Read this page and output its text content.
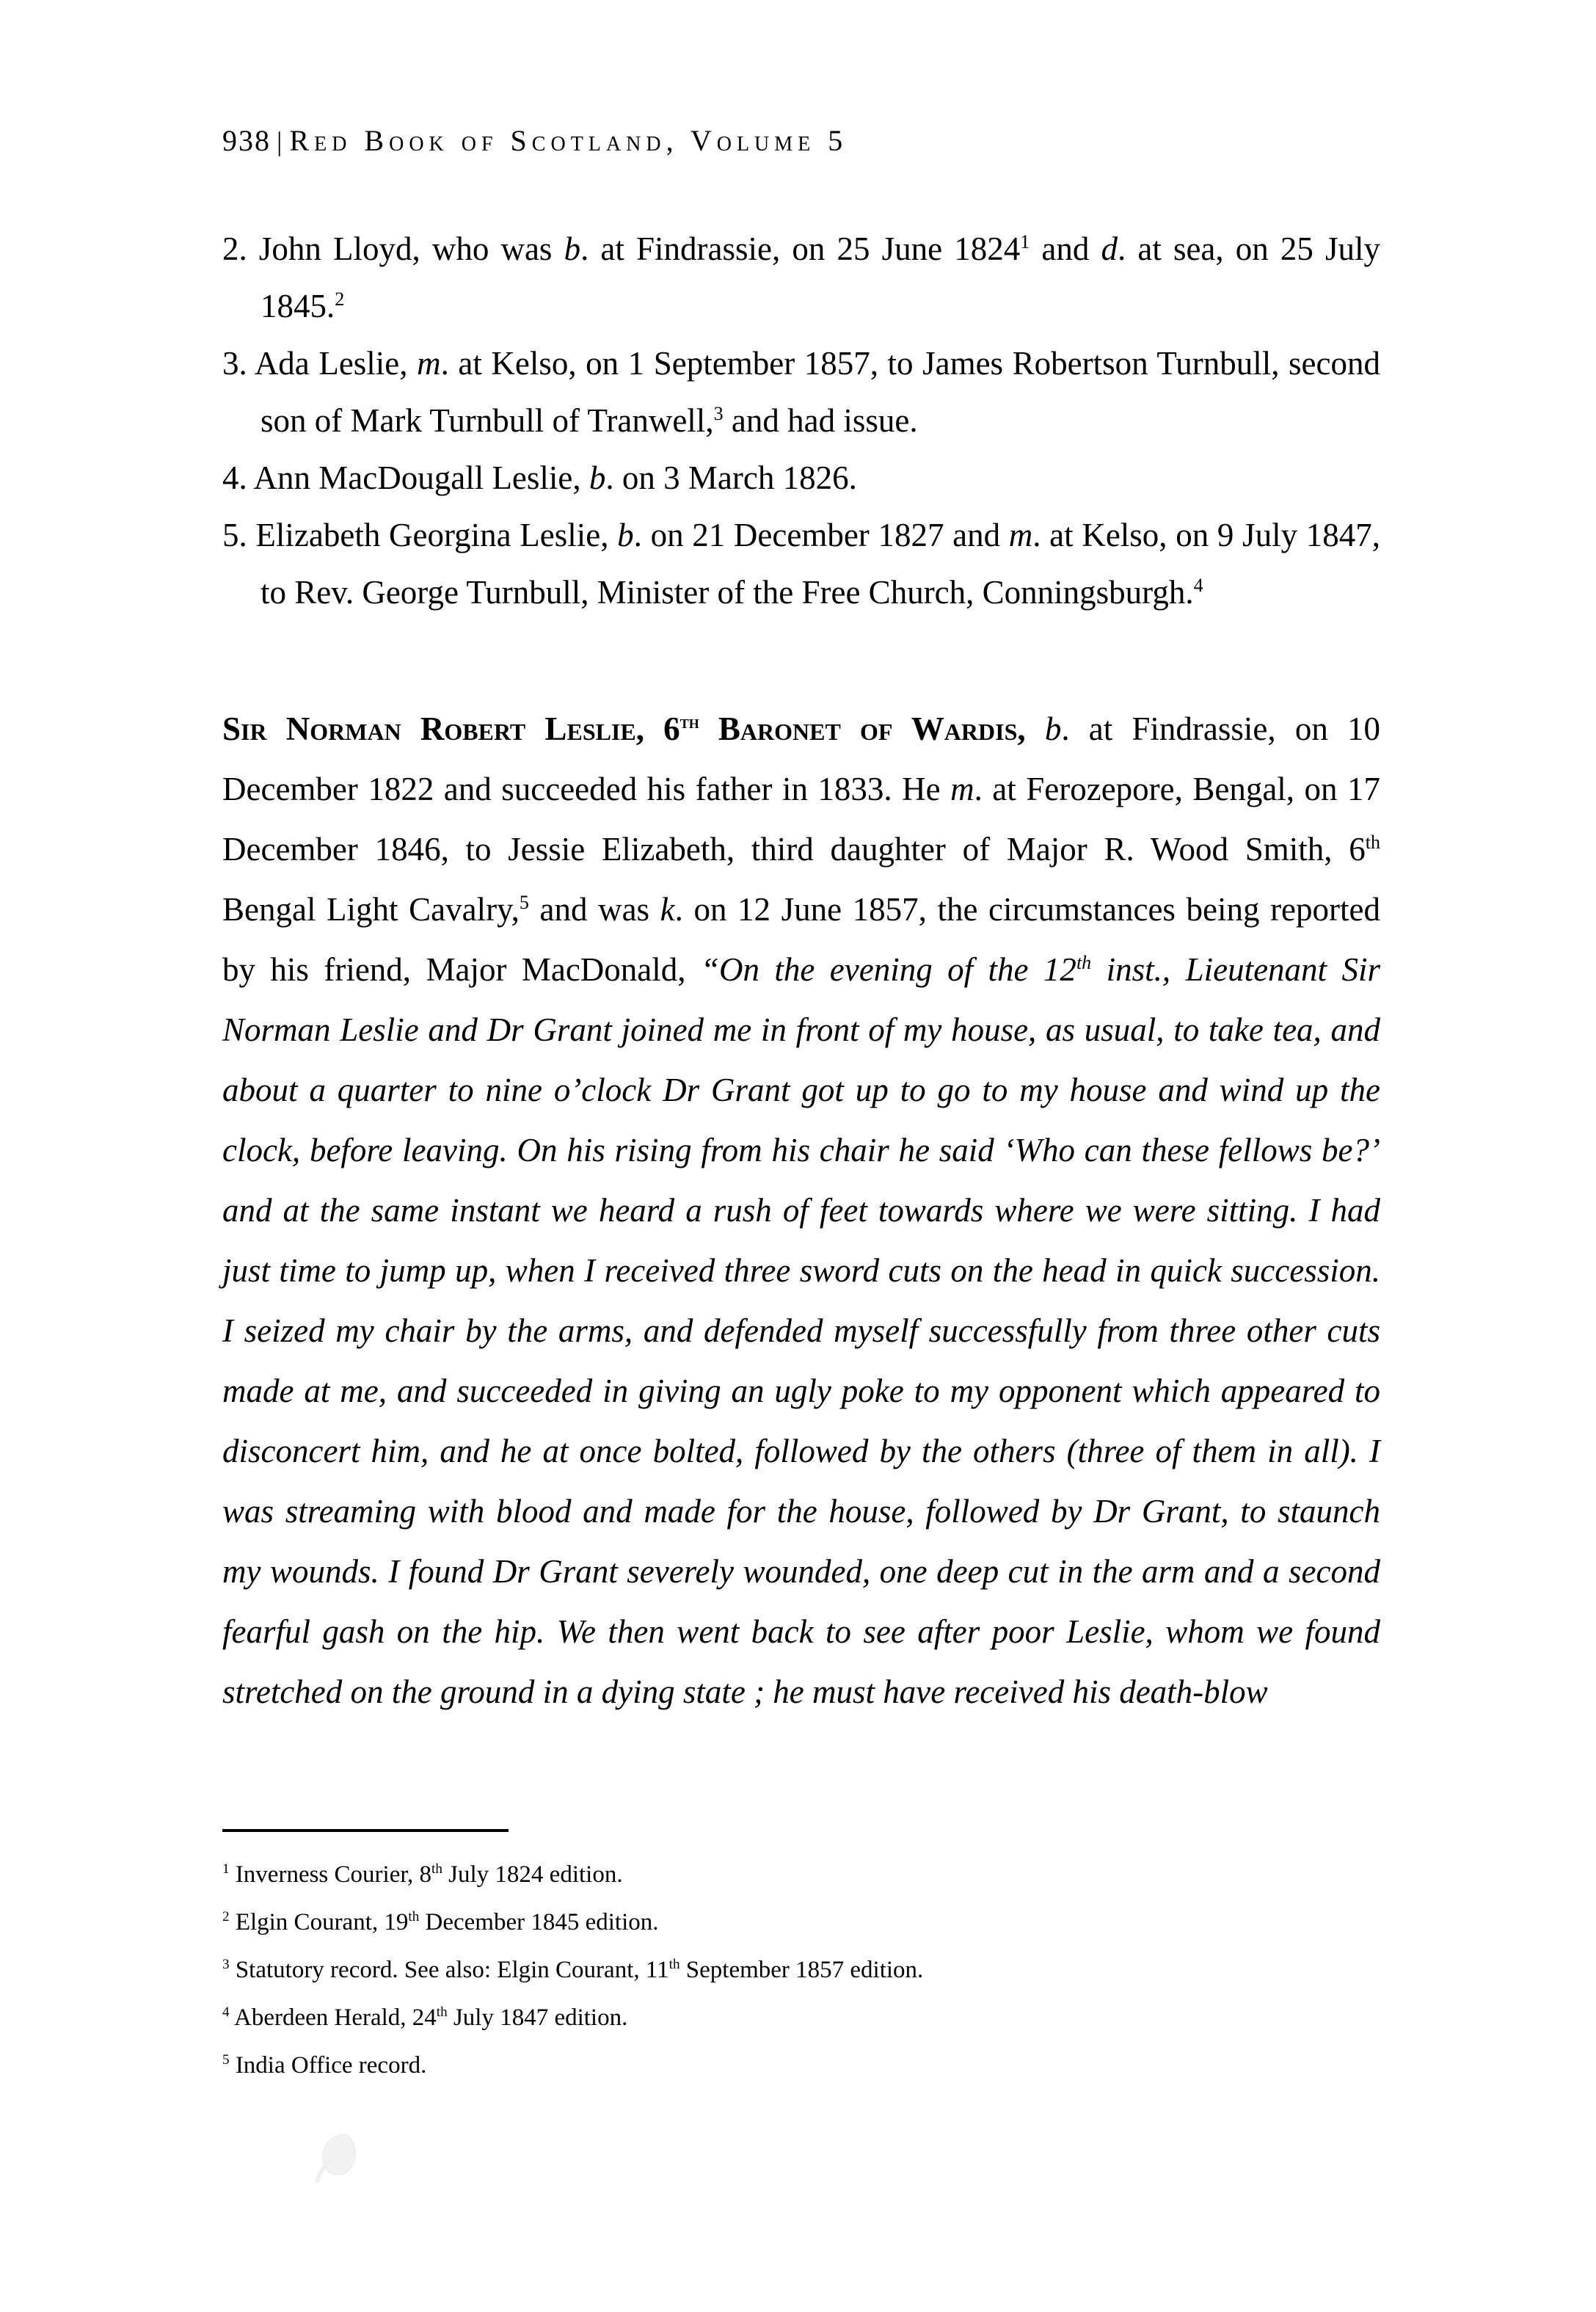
938 | Red Book of Scotland, Volume 5
2. John Lloyd, who was b. at Findrassie, on 25 June 1824$^1$ and d. at sea, on 25 July 1845.$^2$
3. Ada Leslie, m. at Kelso, on 1 September 1857, to James Robertson Turnbull, second son of Mark Turnbull of Tranwell,$^3$ and had issue.
4. Ann MacDougall Leslie, b. on 3 March 1826.
5. Elizabeth Georgina Leslie, b. on 21 December 1827 and m. at Kelso, on 9 July 1847, to Rev. George Turnbull, Minister of the Free Church, Conningsburgh.$^4$
Sir Norman Robert Leslie, 6th Baronet of Wardis, b. at Findrassie, on 10 December 1822 and succeeded his father in 1833. He m. at Ferozepore, Bengal, on 17 December 1846, to Jessie Elizabeth, third daughter of Major R. Wood Smith, 6th Bengal Light Cavalry,$^5$ and was k. on 12 June 1857, the circumstances being reported by his friend, Major MacDonald, “On the evening of the 12th inst., Lieutenant Sir Norman Leslie and Dr Grant joined me in front of my house, as usual, to take tea, and about a quarter to nine o’clock Dr Grant got up to go to my house and wind up the clock, before leaving. On his rising from his chair he said ‘Who can these fellows be?’ and at the same instant we heard a rush of feet towards where we were sitting. I had just time to jump up, when I received three sword cuts on the head in quick succession. I seized my chair by the arms, and defended myself successfully from three other cuts made at me, and succeeded in giving an ugly poke to my opponent which appeared to disconcert him, and he at once bolted, followed by the others (three of them in all). I was streaming with blood and made for the house, followed by Dr Grant, to staunch my wounds. I found Dr Grant severely wounded, one deep cut in the arm and a second fearful gash on the hip. We then went back to see after poor Leslie, whom we found stretched on the ground in a dying state ; he must have received his death-blow
$^1$ Inverness Courier, 8th July 1824 edition.
$^2$ Elgin Courant, 19th December 1845 edition.
$^3$ Statutory record. See also: Elgin Courant, 11th September 1857 edition.
$^4$ Aberdeen Herald, 24th July 1847 edition.
$^5$ India Office record.
